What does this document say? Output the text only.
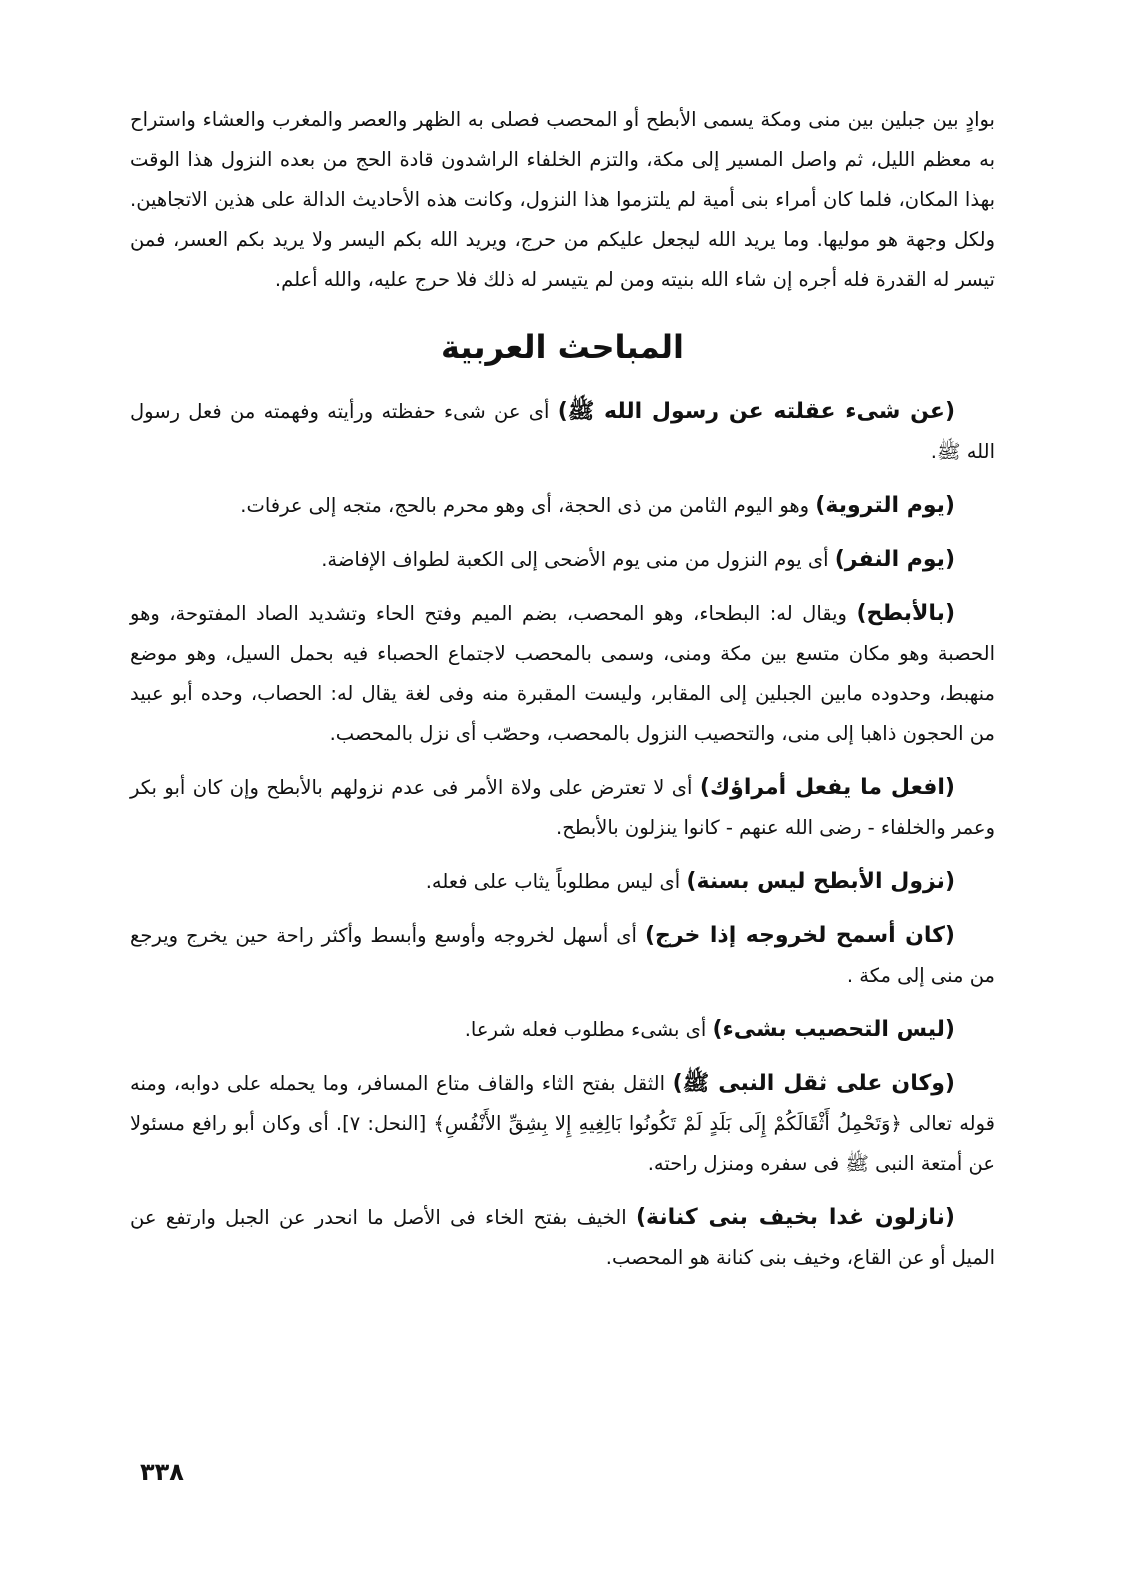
بوادٍ بين جبلين بين منى ومكة يسمى الأبطح أو المحصب فصلى به الظهر والعصر والمغرب والعشاء واستراح به معظم الليل، ثم واصل المسير إلى مكة، والتزم الخلفاء الراشدون قادة الحج من بعده النزول هذا الوقت بهذا المكان، فلما كان أمراء بنى أمية لم يلتزموا هذا النزول، وكانت هذه الأحاديث الدالة على هذين الاتجاهين. ولكل وجهة هو موليها. وما يريد الله ليجعل عليكم من حرج، ويريد الله بكم اليسر ولا يريد بكم العسر، فمن تيسر له القدرة فله أجره إن شاء الله بنيته ومن لم يتيسر له ذلك فلا حرج عليه، والله أعلم.

المباحث العربية

(عن شىء عقلته عن رسول الله ﷺ) أى عن شىء حفظته ورأيته وفهمته من فعل رسول الله ﷺ.

(يوم التروية) وهو اليوم الثامن من ذى الحجة، أى وهو محرم بالحج، متجه إلى عرفات.

(يوم النفر) أى يوم النزول من منى يوم الأضحى إلى الكعبة لطواف الإفاضة.

(بالأبطح) ويقال له: البطحاء، وهو المحصب، بضم الميم وفتح الحاء وتشديد الصاد المفتوحة، وهو الحصبة وهو مكان متسع بين مكة ومنى، وسمى بالمحصب لاجتماع الحصباء فيه بحمل السيل، وهو موضع منهبط، وحدوده مابين الجبلين إلى المقابر، وليست المقبرة منه وفى لغة يقال له: الحصاب، وحده أبو عبيد من الحجون ذاهبا إلى منى، والتحصيب النزول بالمحصب، وحصّب أى نزل بالمحصب.

(افعل ما يفعل أمراؤك) أى لا تعترض على ولاة الأمر فى عدم نزولهم بالأبطح وإن كان أبو بكر وعمر والخلفاء - رضى الله عنهم - كانوا ينزلون بالأبطح.

(نزول الأبطح ليس بسنة) أى ليس مطلوباً يثاب على فعله.

(كان أسمح لخروجه إذا خرج) أى أسهل لخروجه وأوسع وأبسط وأكثر راحة حين يخرج ويرجع من منى إلى مكة .

(ليس التحصيب بشىء) أى بشىء مطلوب فعله شرعا.

(وكان على ثقل النبى ﷺ) الثقل بفتح الثاء والقاف متاع المسافر، وما يحمله على دوابه، ومنه قوله تعالى ﴿وَتَحْمِلُ أَثْقَالَكُمْ إِلَى بَلَدٍ لَمْ تَكُونُوا بَالِغِيهِ إِلا بِشِقِّ الأَنْفُسِ﴾ [النحل: ٧]. أى وكان أبو رافع مسئولا عن أمتعة النبى ﷺ فى سفره ومنزل راحته.

(نازلون غدا بخيف بنى كنانة) الخيف بفتح الخاء فى الأصل ما انحدر عن الجبل وارتفع عن الميل أو عن القاع، وخيف بنى كنانة هو المحصب.

٣٣٨
